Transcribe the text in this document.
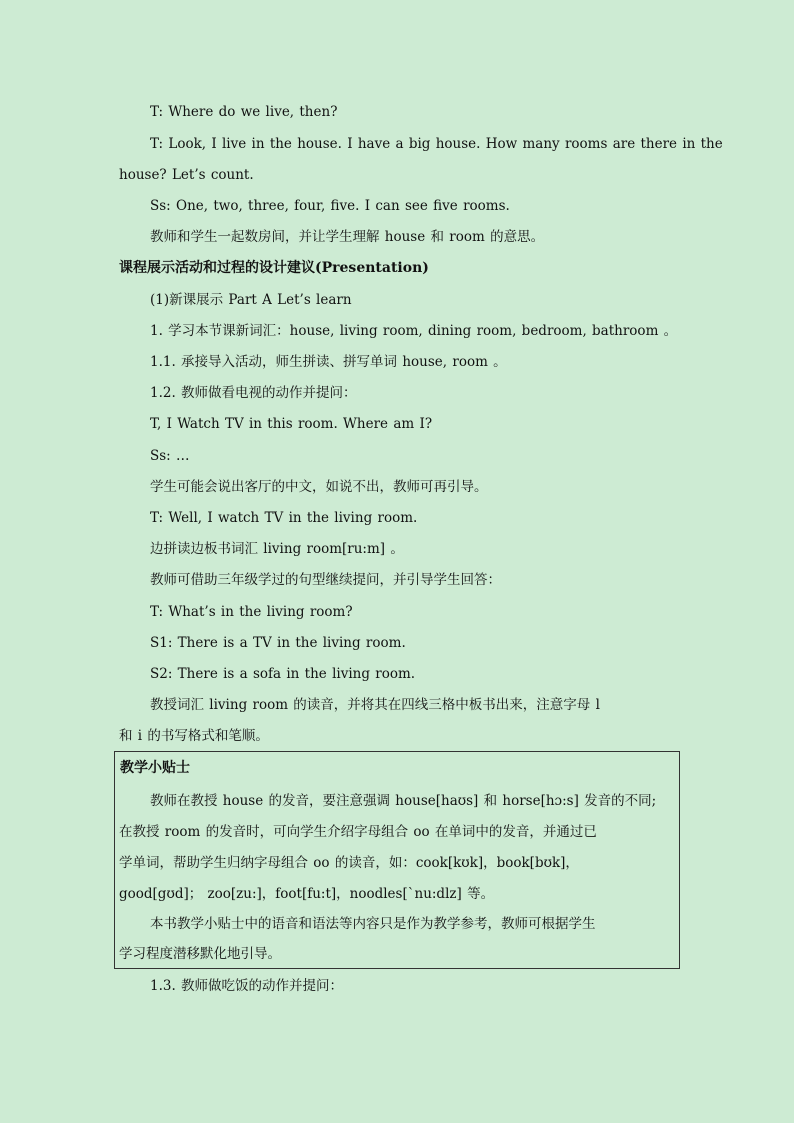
T: Where do we live, then?
T: Look, I live in the house. I have a big house. How many rooms are there in the
house? Let’s count.
Ss: One, two, three, four, five. I can see five rooms.
教师和学生一起数房间，并让学生理解 house 和 room 的意思。
课程展示活动和过程的设计建议(Presentation)
(1)新课展示 Part A Let’s learn
1. 学习本节课新词汇：house, living room, dining room, bedroom, bathroom 。
1.1. 承接导入活动，师生拼读、拼写单词 house, room 。
1.2. 教师做看电视的动作并提问：
T, I Watch TV in this room. Where am I?
Ss: …
学生可能会说出客厅的中文，如说不出，教师可再引导。
T: Well, I watch TV in the living room.
边拼读边板书词汇 living room[ru:m] 。
教师可借助三年级学过的句型继续提问，并引导学生回答：
T: What’s in the living room?
S1: There is a TV in the living room.
S2: There is a sofa in the living room.
教授词汇 living room 的读音，并将其在四线三格中板书出来，注意字母 l
和 i 的书写格式和笔顺。
教学小贴士
教师在教授 house 的发音，要注意强调 house[haʊs] 和 horse[hɔ:s] 发音的不同;
在教授 room 的发音时，可向学生介绍字母组合 oo 在单词中的发音，并通过已
学单词，帮助学生归纳字母组合 oo 的读音，如：cook[kʊk]，book[bʊk]，
good[gʊd]； zoo[zu:]，foot[fu:t]，noodles[`nu:dlz] 等。
本书教学小贴士中的语音和语法等内容只是作为教学参考，教师可根据学生
学习程度潜移默化地引导。
1.3. 教师做吃饭的动作并提问：
